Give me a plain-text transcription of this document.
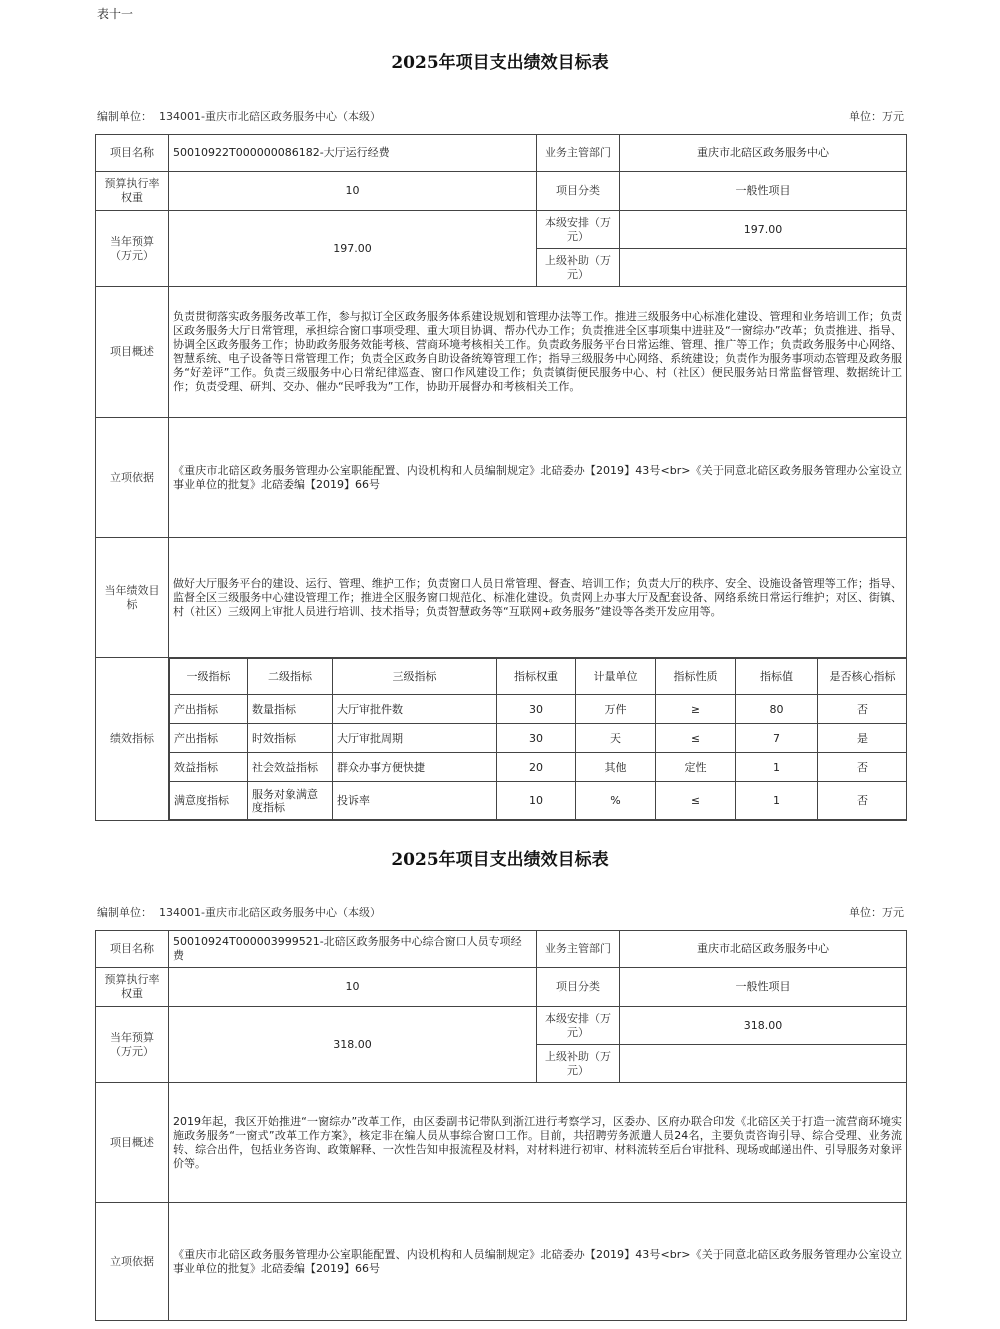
表十一
2025年项目支出绩效目标表
编制单位： 134001-重庆市北碚区政务服务中心（本级）	单位：万元
项目名称	50010922T000000086182-大厅运行经费	业务主管部门	重庆市北碚区政务服务中心
预算执行率权重	10	项目分类	一般性项目
当年预算（万元）	197.00	本级安排（万元）	197.00
上级补助（万元）	
项目概述	负责贯彻落实政务服务改革工作，参与拟订全区政务服务体系建设规划和管理办法等工作。推进三级服务中心标准化建设、管理和业务培训工作；负责区政务服务大厅日常管理，承担综合窗口事项受理、重大项目协调、帮办代办工作；负责推进全区事项集中进驻及“一窗综办”改革；负责推进、指导、协调全区政务服务工作；协助政务服务效能考核、营商环境考核相关工作。负责政务服务平台日常运维、管理、推广等工作；负责政务服务中心网络、智慧系统、电子设备等日常管理工作；负责全区政务自助设备统筹管理工作；指导三级服务中心网络、系统建设；负责作为服务事项动态管理及政务服务“好差评”工作。负责三级服务中心日常纪律巡查、窗口作风建设工作；负责镇街便民服务中心、村（社区）便民服务站日常监督管理、数据统计工作；负责受理、研判、交办、催办“民呼我为”工作，协助开展督办和考核相关工作。
立项依据	《重庆市北碚区政务服务管理办公室职能配置、内设机构和人员编制规定》北碚委办【2019】43号<br>《关于同意北碚区政务服务管理办公室设立事业单位的批复》北碚委编【2019】66号
当年绩效目标	做好大厅服务平台的建设、运行、管理、维护工作；负责窗口人员日常管理、督查、培训工作；负责大厅的秩序、安全、设施设备管理等工作；指导、监督全区三级服务中心建设管理工作；推进全区服务窗口规范化、标准化建设。负责网上办事大厅及配套设备、网络系统日常运行维护；对区、街镇、村（社区）三级网上审批人员进行培训、技术指导；负责智慧政务等“互联网+政务服务”建设等各类开发应用等。
绩效指标	
一级指标	二级指标	三级指标	指标权重	计量单位	指标性质	指标值	是否核心指标
产出指标	数量指标	大厅审批件数	30	万件	≥	80	否
产出指标	时效指标	大厅审批周期	30	天	≤	7	是
效益指标	社会效益指标	群众办事方便快捷	20	其他	定性	1	否
满意度指标	服务对象满意度指标	投诉率	10	%	≤	1	否
2025年项目支出绩效目标表
编制单位： 134001-重庆市北碚区政务服务中心（本级）	单位：万元
项目名称	50010924T000003999521-北碚区政务服务中心综合窗口人员专项经费	业务主管部门	重庆市北碚区政务服务中心
预算执行率权重	10	项目分类	一般性项目
当年预算（万元）	318.00	本级安排（万元）	318.00
		上级补助（万元）	
项目概述	2019年起，我区开始推进“一窗综办”改革工作，由区委副书记带队到浙江进行考察学习，区委办、区府办联合印发《北碚区关于打造一流营商环境实施政务服务“一窗式”改革工作方案》，核定非在编人员从事综合窗口工作。目前，共招聘劳务派遣人员24名，主要负责咨询引导、综合受理、业务流转、综合出件，包括业务咨询、政策解释、一次性告知申报流程及材料，对材料进行初审、材料流转至后台审批科、现场或邮递出件、引导服务对象评价等。		
立项依据	《重庆市北碚区政务服务管理办公室职能配置、内设机构和人员编制规定》北碚委办【2019】43号<br>《关于同意北碚区政务服务管理办公室设立事业单位的批复》北碚委编【2019】66号		
